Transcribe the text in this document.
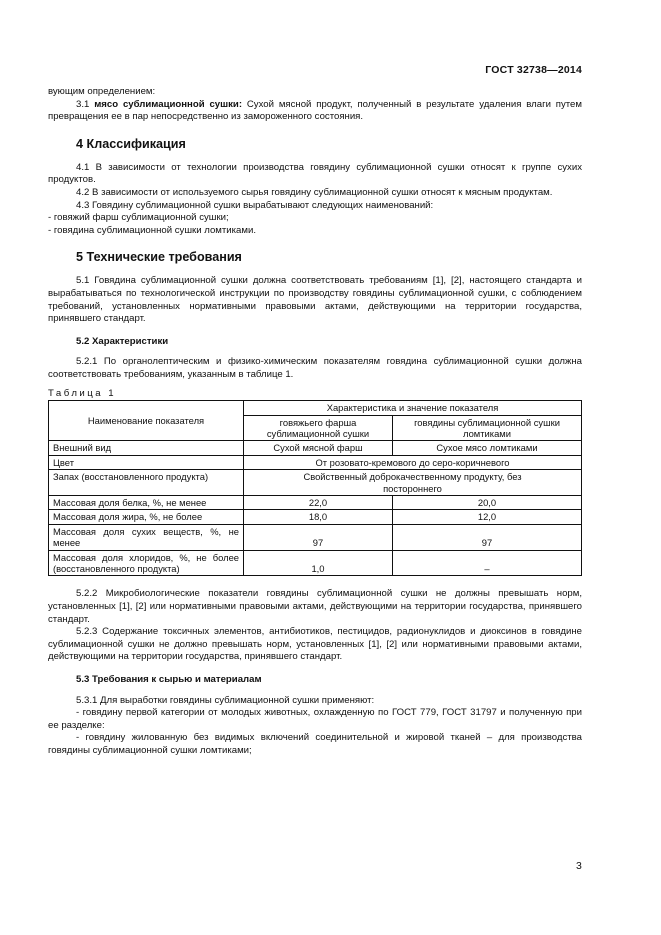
ГОСТ 32738—2014

вующим определением:

3.1 мясо сублимационной сушки: Сухой мясной продукт, полученный в результате удаления влаги путем превращения ее в пар непосредственно из замороженного состояния.

4 Классификация

4.1 В зависимости от технологии производства говядину сублимационной сушки относят к группе сухих продуктов.

4.2 В зависимости от используемого сырья говядину сублимационной сушки относят к мясным продуктам.

4.3 Говядину сублимационной сушки вырабатывают следующих наименований:

- говяжий фарш сублимационной сушки;

- говядина сублимационной сушки ломтиками.

5 Технические требования

5.1 Говядина сублимационной сушки должна соответствовать требованиям [1], [2], настоящего стандарта и вырабатываться по технологической инструкции по производству говядины сублимационной сушки, с соблюдением требований, установленных нормативными правовыми актами, действующими на территории государства, принявшего стандарт.

5.2 Характеристики

5.2.1 По органолептическим и физико-химическим показателям говядина сублимационной сушки должна соответствовать требованиям, указанным в таблице 1.

Таблица 1
Наименование показателя	Характеристика и значение показателя	
	говяжьего фарша сублимационной сушки	говядины сублимационной сушки ломтиками
Внешний вид	Сухой мясной фарш	Сухое мясо ломтиками
Цвет	От розовато-кремового до серо-коричневого	
Запах (восстановленного продукта)	Свойственный доброкачественному продукту, без постороннего	
Массовая доля белка, %, не менее	22,0	20,0
Массовая доля жира, %, не более	18,0	12,0
Массовая доля сухих веществ, %, не менее	97	97
Массовая доля хлоридов, %, не более (восстановленного продукта)	1,0	–

5.2.2 Микробиологические показатели говядины сублимационной сушки не должны превышать норм, установленных [1], [2] или нормативными правовыми актами, действующими на территории государства, принявшего стандарт.

5.2.3 Содержание токсичных элементов, антибиотиков, пестицидов, радионуклидов и диоксинов в говядине сублимационной сушки не должно превышать норм, установленных [1], [2] или нормативными правовыми актами, действующими на территории государства, принявшего стандарт.

5.3 Требования к сырью и материалам

5.3.1 Для выработки говядины сублимационной сушки применяют:

- говядину первой категории от молодых животных, охлажденную по ГОСТ 779, ГОСТ 31797 и полученную при ее разделке:

- говядину жилованную без видимых включений соединительной и жировой тканей – для производства говядины сублимационной сушки ломтиками;

3
